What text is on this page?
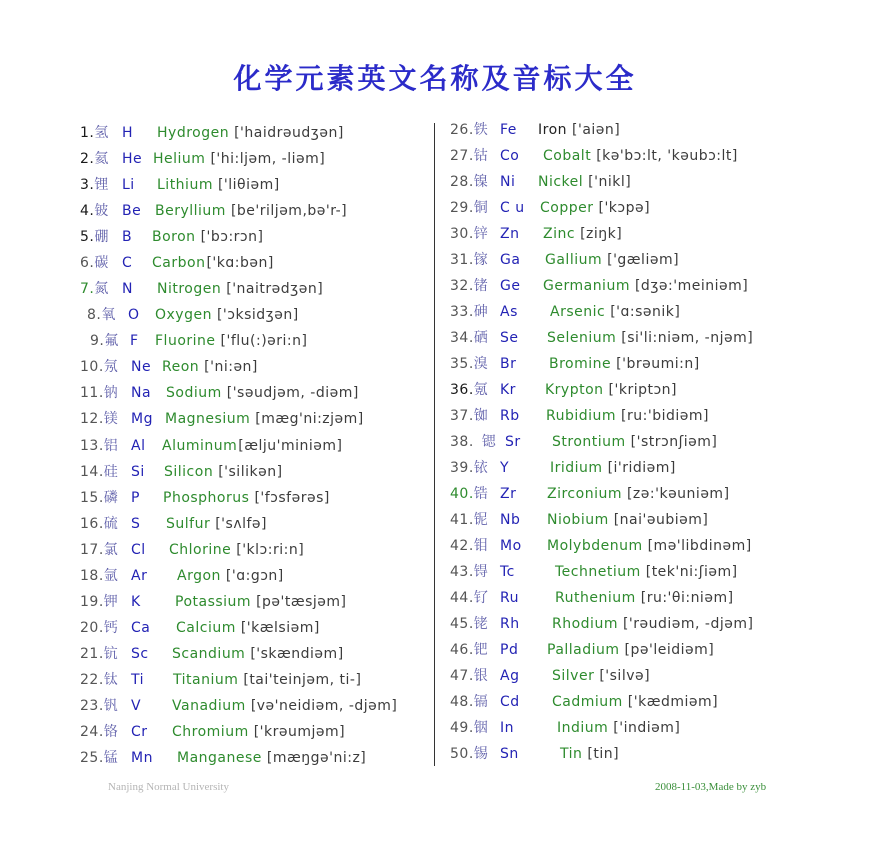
化学元素英文名称及音标大全
1.氢 H Hydrogen ['haidrəudʒən]
2.氦 He Helium ['hi:ljəm, -liəm]
3.锂 Li Lithium ['liθiəm]
4.铍 Be Beryllium [be'riljəm,bə'r-]
5.硼 B Boron ['bɔ:rɔn]
6.碳 C Carbon['kɑ:bən]
7.氮 N Nitrogen ['naitrədʒən]
8.氧 O Oxygen ['ɔksidʒən]
9.氟 F Fluorine ['flu(:)əri:n]
10.氖 Ne Reon ['ni:ən]
11.钠 Na Sodium ['səudjəm, -diəm]
12.镁 Mg Magnesium [mæg'ni:zjəm]
13.铝 Al Aluminum[ælju'miniəm]
14.硅 Si Silicon ['silikən]
15.磷 P Phosphorus ['fɔsfərəs]
16.硫 S Sulfur ['sʌlfə]
17.氯 Cl Chlorine ['klɔ:ri:n]
18.氩 Ar Argon ['ɑ:gɔn]
19.钾 K Potassium [pə'tæsjəm]
20.钙 Ca Calcium ['kælsiəm]
21.钪 Sc Scandium ['skændiəm]
22.钛 Ti Titanium [tai'teinjəm, ti-]
23.钒 V Vanadium [və'neidiəm, -djəm]
24.铬 Cr Chromium ['krəumjəm]
25.锰 Mn Manganese [mæŋgə'ni:z]
26.铁 Fe Iron ['aiən]
27.钴 Co Cobalt [kə'bɔ:lt, 'kəubɔ:lt]
28.镍 Ni Nickel ['nikl]
29.铜 C u Copper ['kɔpə]
30.锌 Zn Zinc [ziŋk]
31.镓 Ga Gallium ['gæliəm]
32.锗 Ge Germanium [dʒə:'meiniəm]
33.砷 As Arsenic ['ɑ:sənik]
34.硒 Se Selenium [si'li:niəm, -njəm]
35.溴 Br Bromine ['brəumi:n]
36.氪 Kr Krypton ['kriptɔn]
37.铷 Rb Rubidium [ru:'bidiəm]
38. 锶 Sr Strontium ['strɔnʃiəm]
39.铱 Y	Iridium [i'ridiəm]
40.锆 Zr Zirconium [zə:'kəuniəm]
41.铌 Nb Niobium [nai'əubiəm]
42.钼 Mo Molybdenum [mə'libdinəm]
43.锝 Tc	Technetium [tek'ni:ʃiəm]
44.钌 Ru	Ruthenium [ru:'θi:niəm]
45.铑 Rh Rhodium ['rəudiəm, -djəm]
46.钯 Pd Palladium [pə'leidiəm]
47.银 Ag Silver ['silvə]
48.镉 Cd Cadmium ['kædmiəm]
49.铟 In	Indium ['indiəm]
50.锡 Sn	Tin [tin]
Nanjing Normal University	2008-11-03,Made by zyb
